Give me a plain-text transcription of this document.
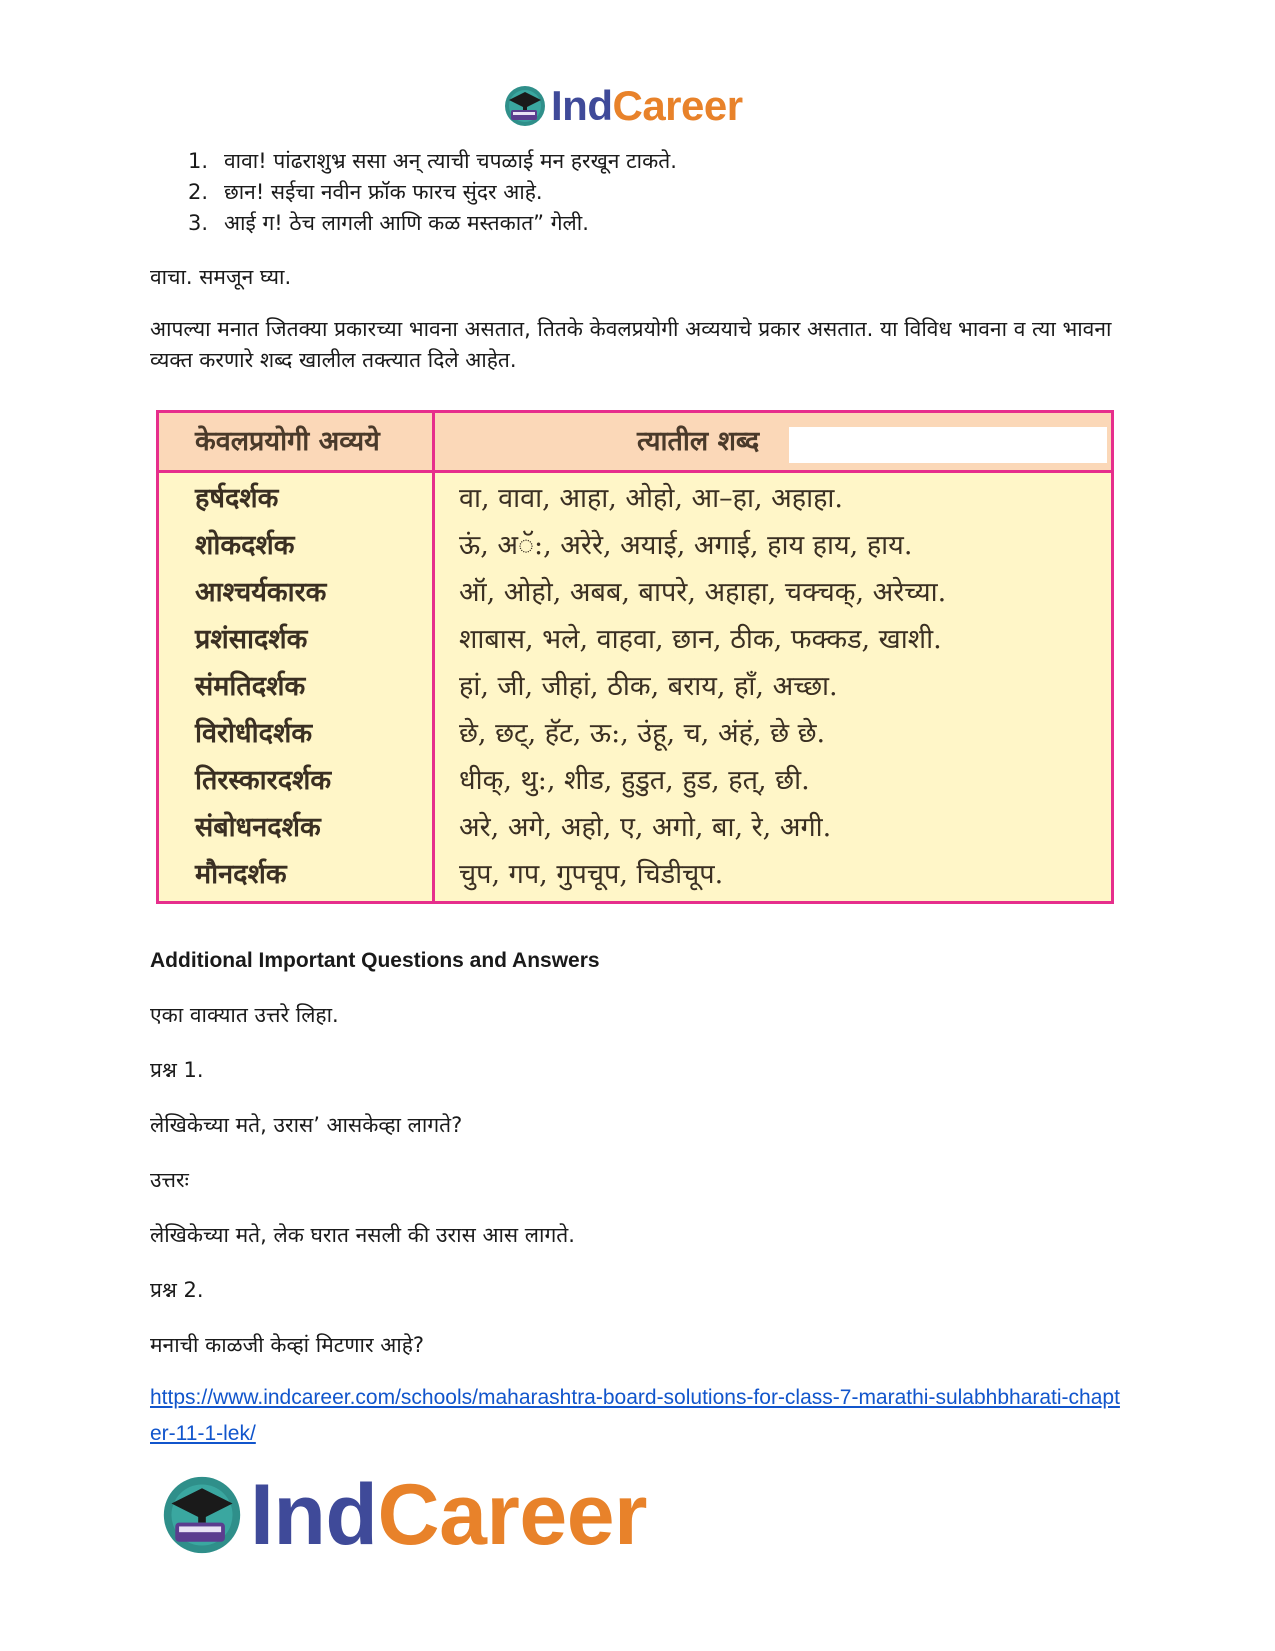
IndCareer
1. वावा! पांढराशुभ्र ससा अन् त्याची चपळाई मन हरखून टाकते.
2. छान! सईचा नवीन फ्रॉक फारच सुंदर आहे.
3. आई ग! ठेच लागली आणि कळ मस्तकात” गेली.
वाचा. समजून घ्या.
आपल्या मनात जितक्या प्रकारच्या भावना असतात, तितके केवलप्रयोगी अव्ययाचे प्रकार असतात. या विविध भावना व त्या भावना व्यक्त करणारे शब्द खालील तक्त्यात दिले आहेत.
केवलप्रयोगी अव्यये	त्यातील शब्द
हर्षदर्शक	वा, वावा, आहा, ओहो, आ–हा, अहाहा.
शोकदर्शक	ऊं, अॅ:, अरेरे, अयाई, अगाई, हाय हाय, हाय.
आश्चर्यकारक	ऑ, ओहो, अबब, बापरे, अहाहा, चक्चक्, अरेच्या.
प्रशंसादर्शक	शाबास, भले, वाहवा, छान, ठीक, फक्कड, खाशी.
संमतिदर्शक	हां, जी, जीहां, ठीक, बराय, हाँ, अच्छा.
विरोधीदर्शक	छे, छट्, हॅट, ऊ:, उंहू, च, अंहं, छे छे.
तिरस्कारदर्शक	धीक्, थु:, शीड, हुडुत, हुड, हत्, छी.
संबोधनदर्शक	अरे, अगे, अहो, ए, अगो, बा, रे, अगी.
मौनदर्शक	चुप, गप, गुपचूप, चिडीचूप.
Additional Important Questions and Answers
एका वाक्यात उत्तरे लिहा.
प्रश्न 1.
लेखिकेच्या मते, उरास’ आसकेव्हा लागते?
उत्तरः
लेखिकेच्या मते, लेक घरात नसली की उरास आस लागते.
प्रश्न 2.
मनाची काळजी केव्हां मिटणार आहे?
https://www.indcareer.com/schools/maharashtra-board-solutions-for-class-7-marathi-sulabhbharati-chapter-11-1-lek/
IndCareer
